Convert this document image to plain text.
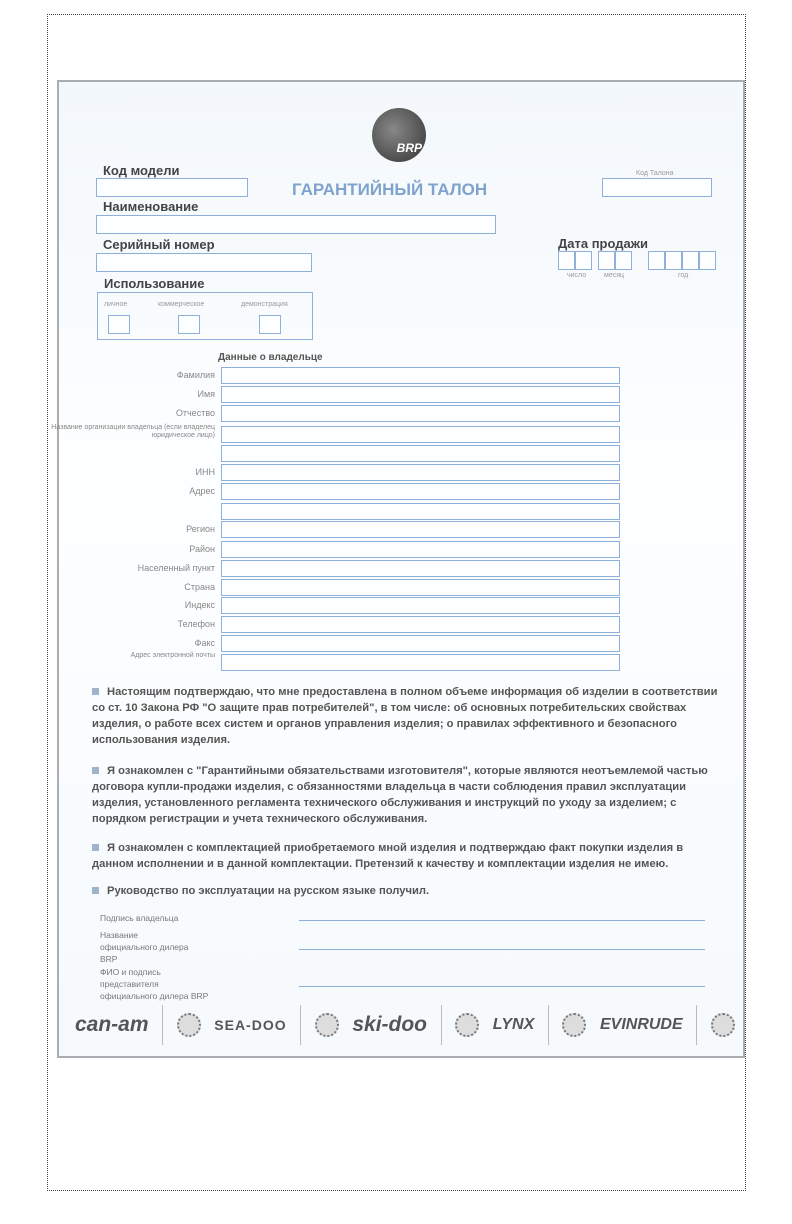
BRP
Код модели
ГАРАНТИЙНЫЙ ТАЛОН
Код Талона
Наименование
Серийный номер	Дата продажи
число	месяц	год
Использование
личное	коммерческое	демонстрация
Данные о владельце
Фамилия
Имя
Отчество
Название организации владельца (если владелец юридическое лицо)
ИНН
Адрес
Регион
Район
Населенный пункт
Страна
Индекс
Телефон
Факс
Адрес электронной почты
Настоящим подтверждаю, что мне предоставлена в полном объеме информация об изделии в соответствии со ст. 10 Закона РФ "О защите прав потребителей", в том числе: об основных потребительских свойствах изделия, о работе всех систем и органов управления изделия; о правилах эффективного и безопасного использования изделия.
Я ознакомлен с "Гарантийными обязательствами изготовителя", которые являются неотъемлемой частью договора купли-продажи изделия, с обязанностями владельца в части соблюдения правил эксплуатации изделия, установленного регламента технического обслуживания и инструкций по уходу за изделием; с порядком регистрации и учета технического обслуживания.
Я ознакомлен с комплектацией приобретаемого мной изделия и подтверждаю факт покупки изделия в данном исполнении и в данной комплектации. Претензий к качеству и комплектации изделия не имею.
Руководство по эксплуатации на русском языке получил.
Подпись владельца
Название официального дилера BRP
ФИО и подпись представителя официального дилера BRP
can-am	SEA-DOO	ski-doo	LYNX	EVINRUDE
